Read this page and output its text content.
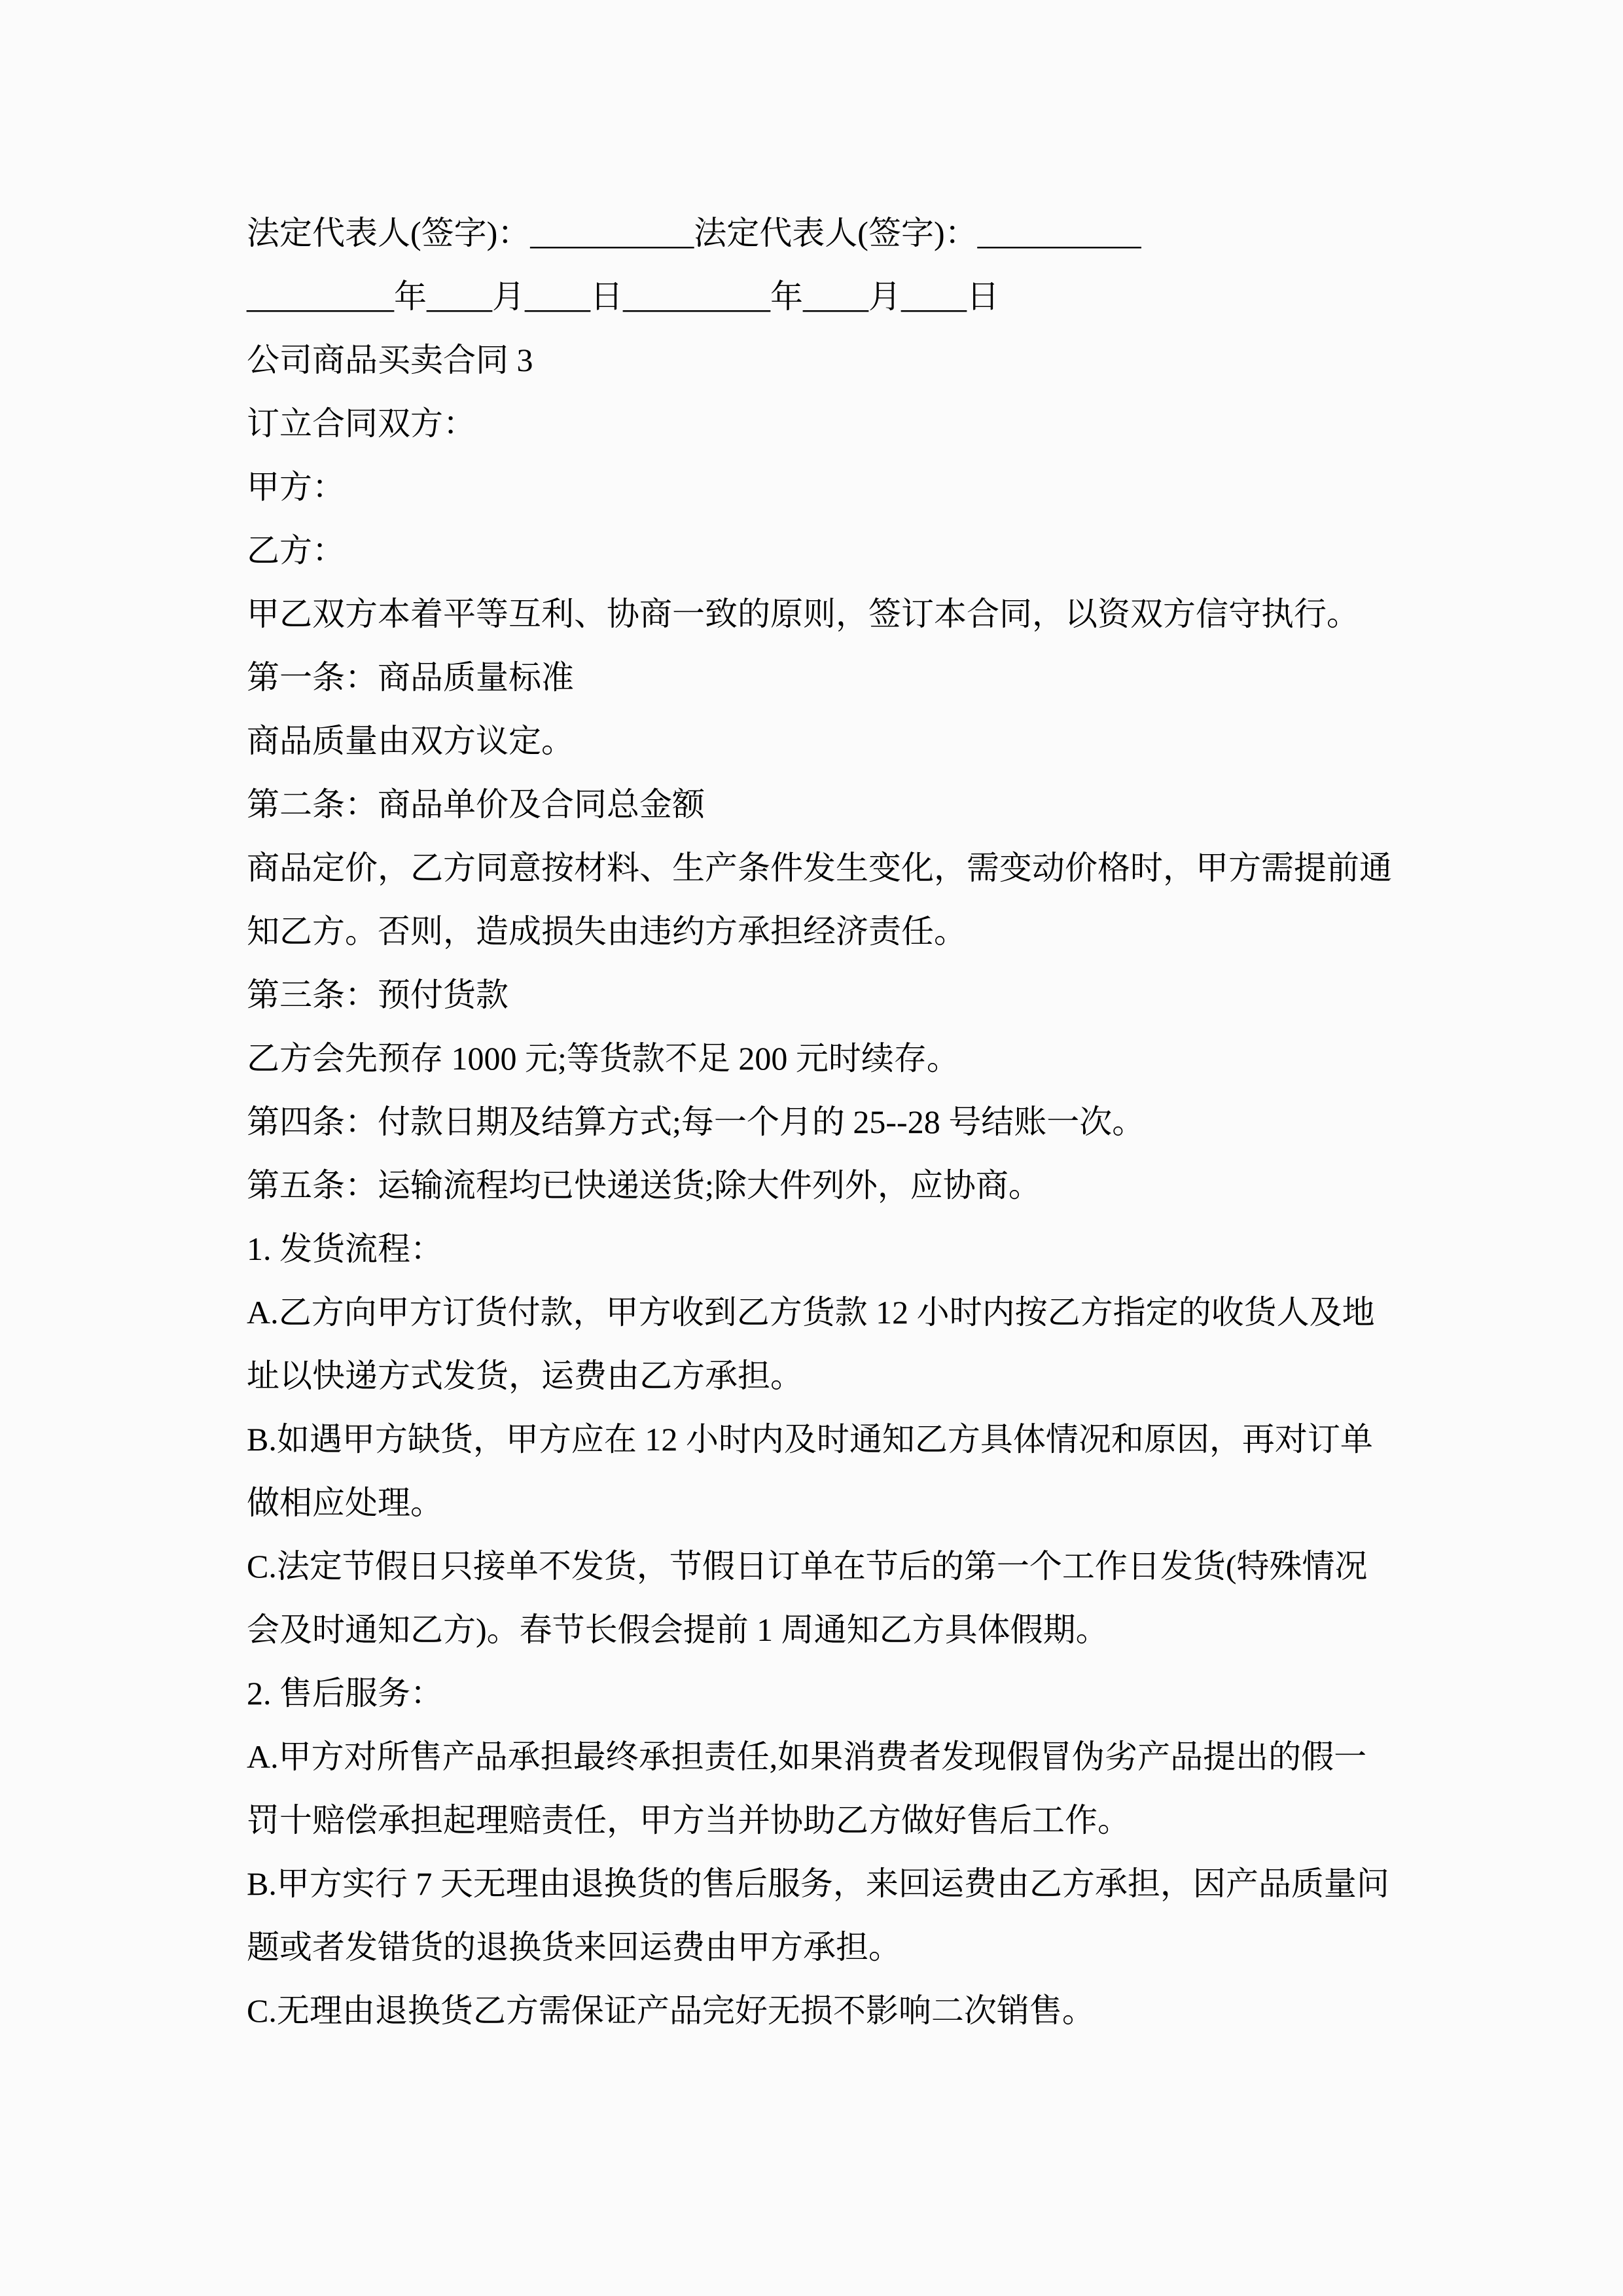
法定代表人(签字)：__________法定代表人(签字)：__________
_________年____月____日_________年____月____日
公司商品买卖合同 3
订立合同双方：
甲方：
乙方：
甲乙双方本着平等互利、协商一致的原则，签订本合同，以资双方信守执行。
第一条：商品质量标准
商品质量由双方议定。
第二条：商品单价及合同总金额
商品定价，乙方同意按材料、生产条件发生变化，需变动价格时，甲方需提前通
知乙方。否则，造成损失由违约方承担经济责任。
第三条：预付货款
乙方会先预存 1000 元;等货款不足 200 元时续存。
第四条：付款日期及结算方式;每一个月的 25--28 号结账一次。
第五条：运输流程均已快递送货;除大件列外，应协商。
1. 发货流程：
A.乙方向甲方订货付款，甲方收到乙方货款 12 小时内按乙方指定的收货人及地
址以快递方式发货，运费由乙方承担。
B.如遇甲方缺货，甲方应在 12 小时内及时通知乙方具体情况和原因，再对订单
做相应处理。
C.法定节假日只接单不发货，节假日订单在节后的第一个工作日发货(特殊情况
会及时通知乙方)。春节长假会提前 1 周通知乙方具体假期。
2. 售后服务：
A.甲方对所售产品承担最终承担责任,如果消费者发现假冒伪劣产品提出的假一
罚十赔偿承担起理赔责任，甲方当并协助乙方做好售后工作。
B.甲方实行 7 天无理由退换货的售后服务，来回运费由乙方承担，因产品质量问
题或者发错货的退换货来回运费由甲方承担。
C.无理由退换货乙方需保证产品完好无损不影响二次销售。
